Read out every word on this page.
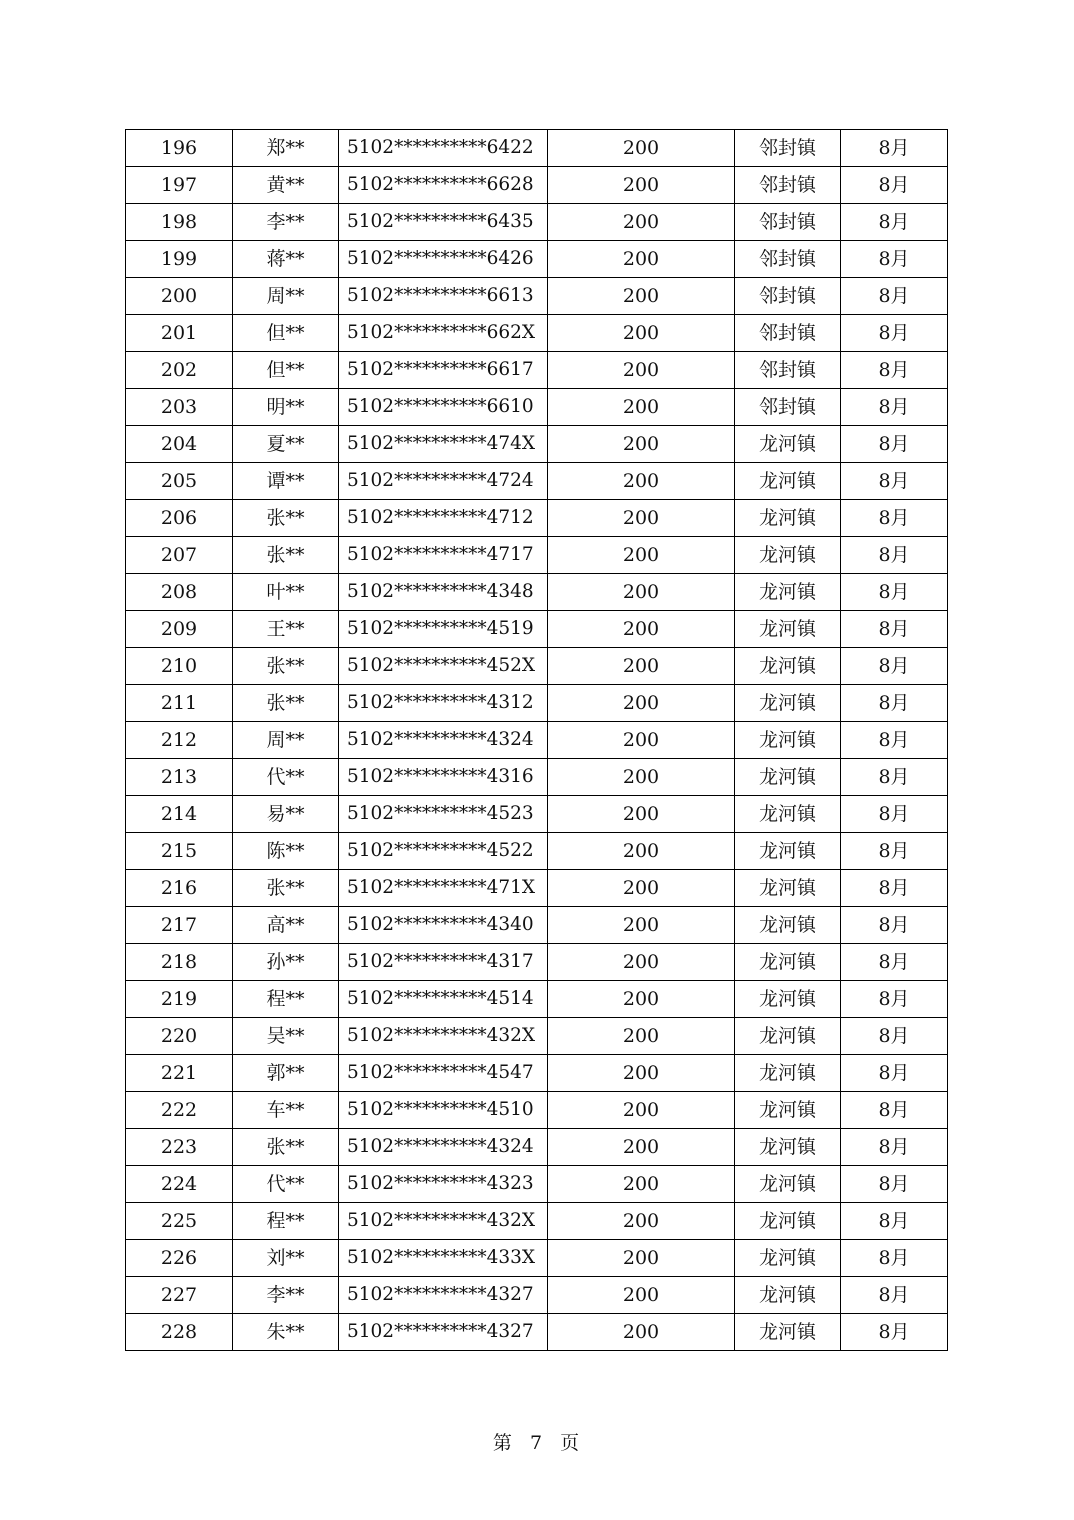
196	郑**	5102**********6422	200	邻封镇	8月
197	黄**	5102**********6628	200	邻封镇	8月
198	李**	5102**********6435	200	邻封镇	8月
199	蒋**	5102**********6426	200	邻封镇	8月
200	周**	5102**********6613	200	邻封镇	8月
201	但**	5102**********662X	200	邻封镇	8月
202	但**	5102**********6617	200	邻封镇	8月
203	明**	5102**********6610	200	邻封镇	8月
204	夏**	5102**********474X	200	龙河镇	8月
205	谭**	5102**********4724	200	龙河镇	8月
206	张**	5102**********4712	200	龙河镇	8月
207	张**	5102**********4717	200	龙河镇	8月
208	叶**	5102**********4348	200	龙河镇	8月
209	王**	5102**********4519	200	龙河镇	8月
210	张**	5102**********452X	200	龙河镇	8月
211	张**	5102**********4312	200	龙河镇	8月
212	周**	5102**********4324	200	龙河镇	8月
213	代**	5102**********4316	200	龙河镇	8月
214	易**	5102**********4523	200	龙河镇	8月
215	陈**	5102**********4522	200	龙河镇	8月
216	张**	5102**********471X	200	龙河镇	8月
217	高**	5102**********4340	200	龙河镇	8月
218	孙**	5102**********4317	200	龙河镇	8月
219	程**	5102**********4514	200	龙河镇	8月
220	吴**	5102**********432X	200	龙河镇	8月
221	郭**	5102**********4547	200	龙河镇	8月
222	车**	5102**********4510	200	龙河镇	8月
223	张**	5102**********4324	200	龙河镇	8月
224	代**	5102**********4323	200	龙河镇	8月
225	程**	5102**********432X	200	龙河镇	8月
226	刘**	5102**********433X	200	龙河镇	8月
227	李**	5102**********4327	200	龙河镇	8月
228	朱**	5102**********4327	200	龙河镇	8月
第 7 页
